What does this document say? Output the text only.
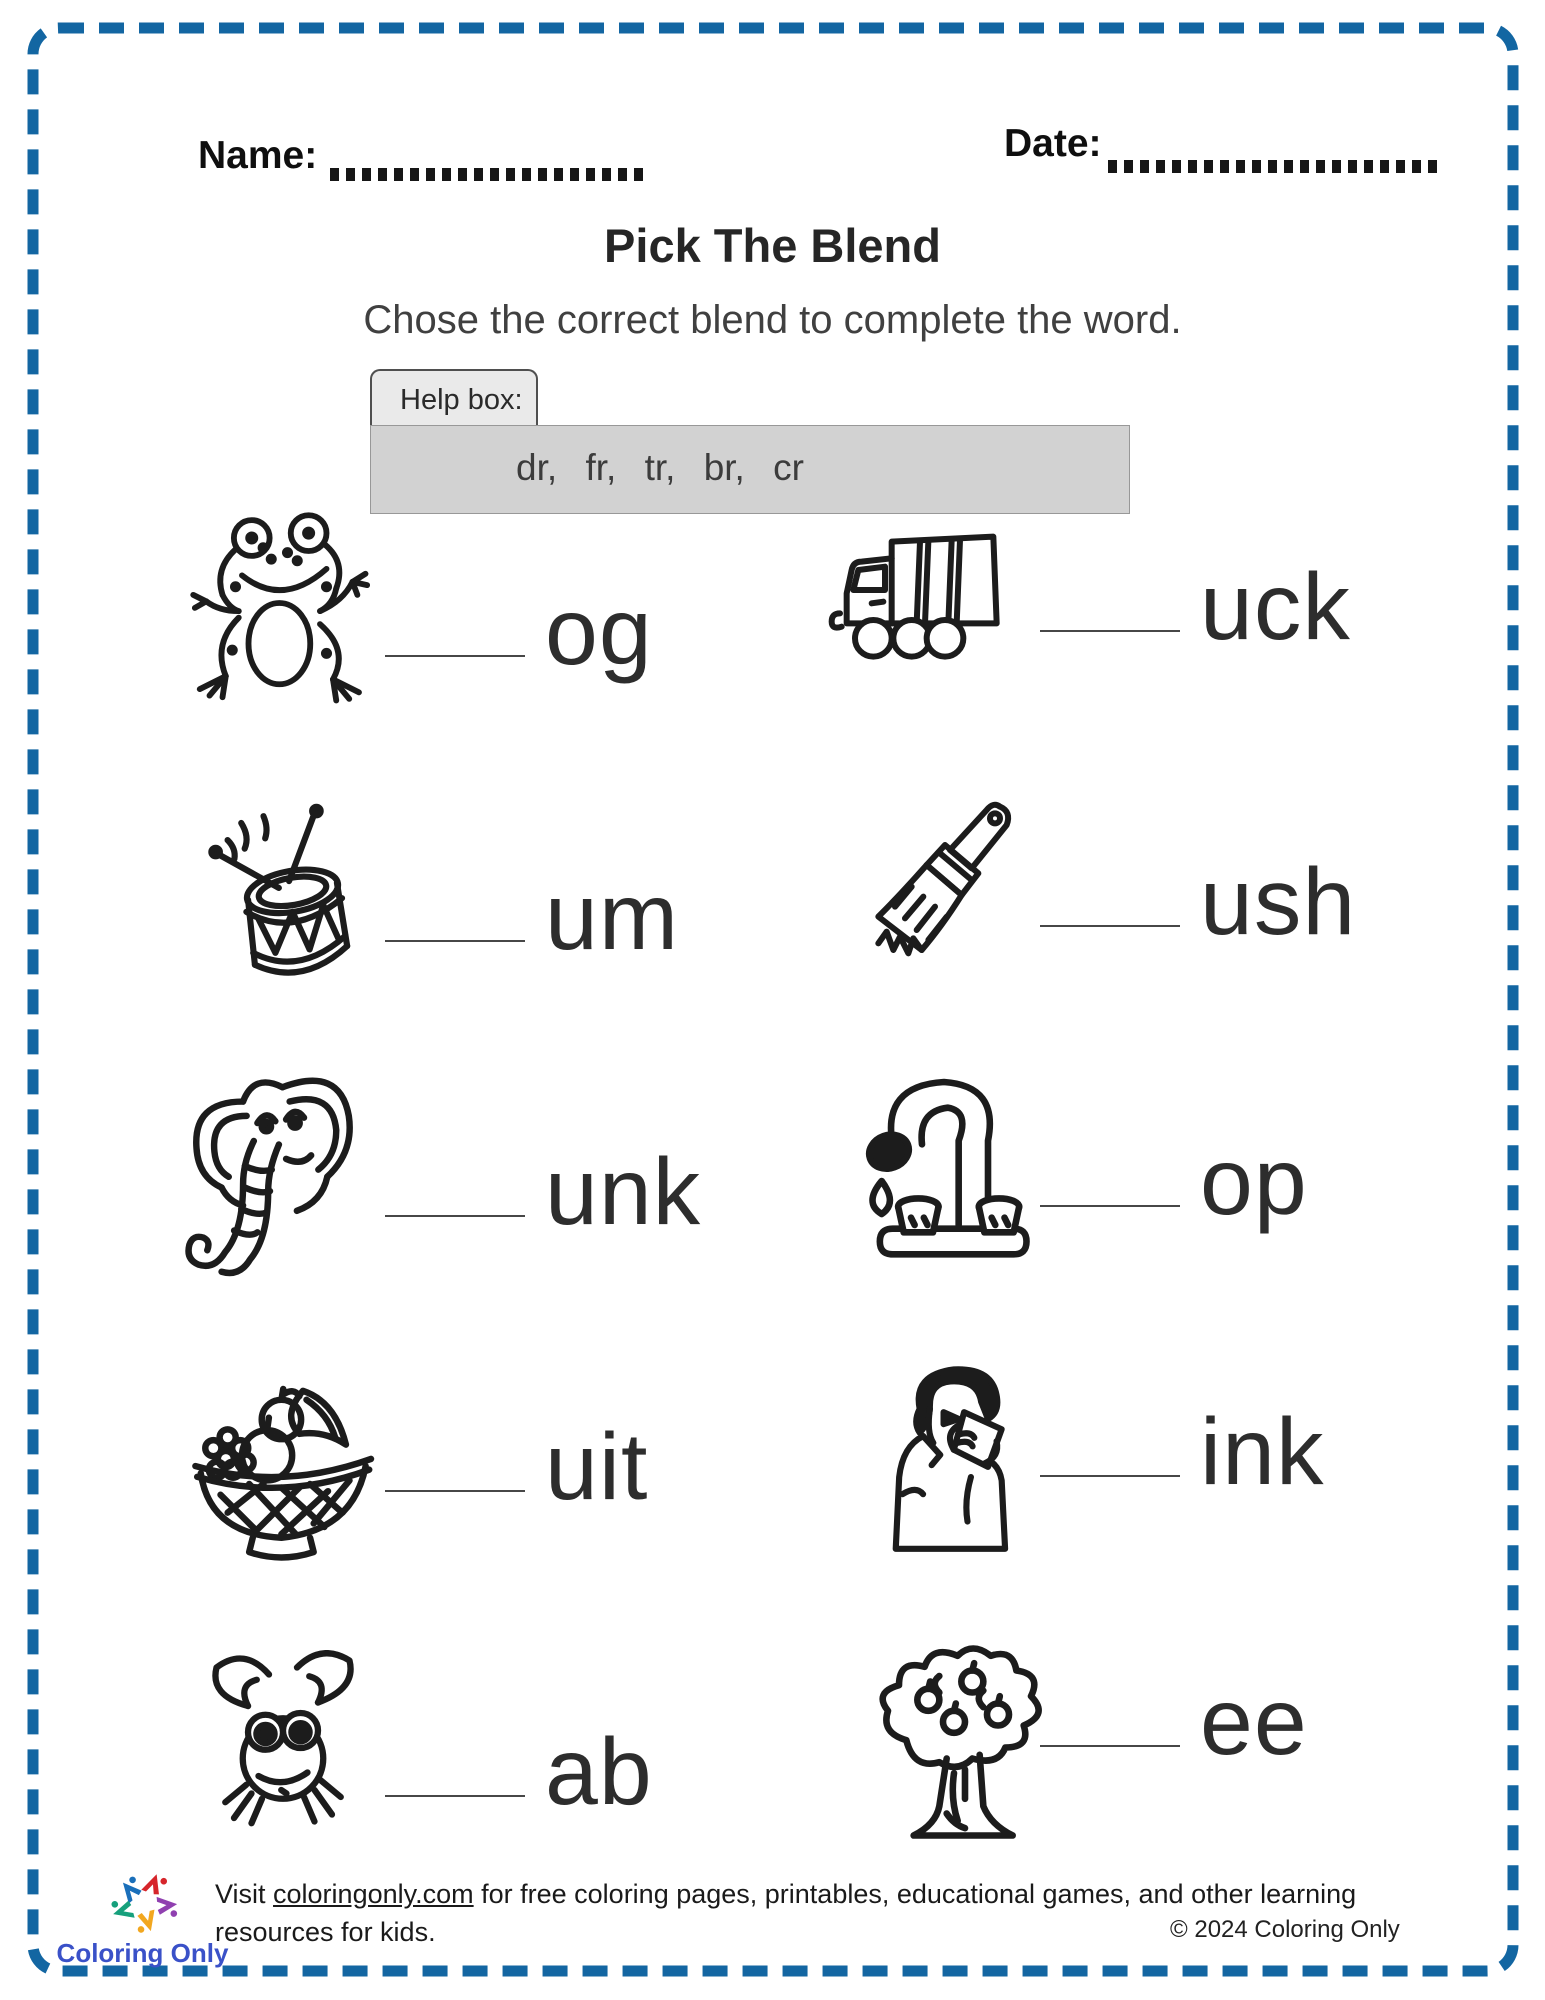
Name:	Date:
Pick The Blend
Chose the correct blend to complete the word.
Help box:
dr, fr, tr, br, cr
og	uck
um	ush
unk	op
uit	ink
ab	ee
Coloring Only
Visit coloringonly.com for free coloring pages, printables, educational games, and other learning resources for kids.	© 2024 Coloring Only
